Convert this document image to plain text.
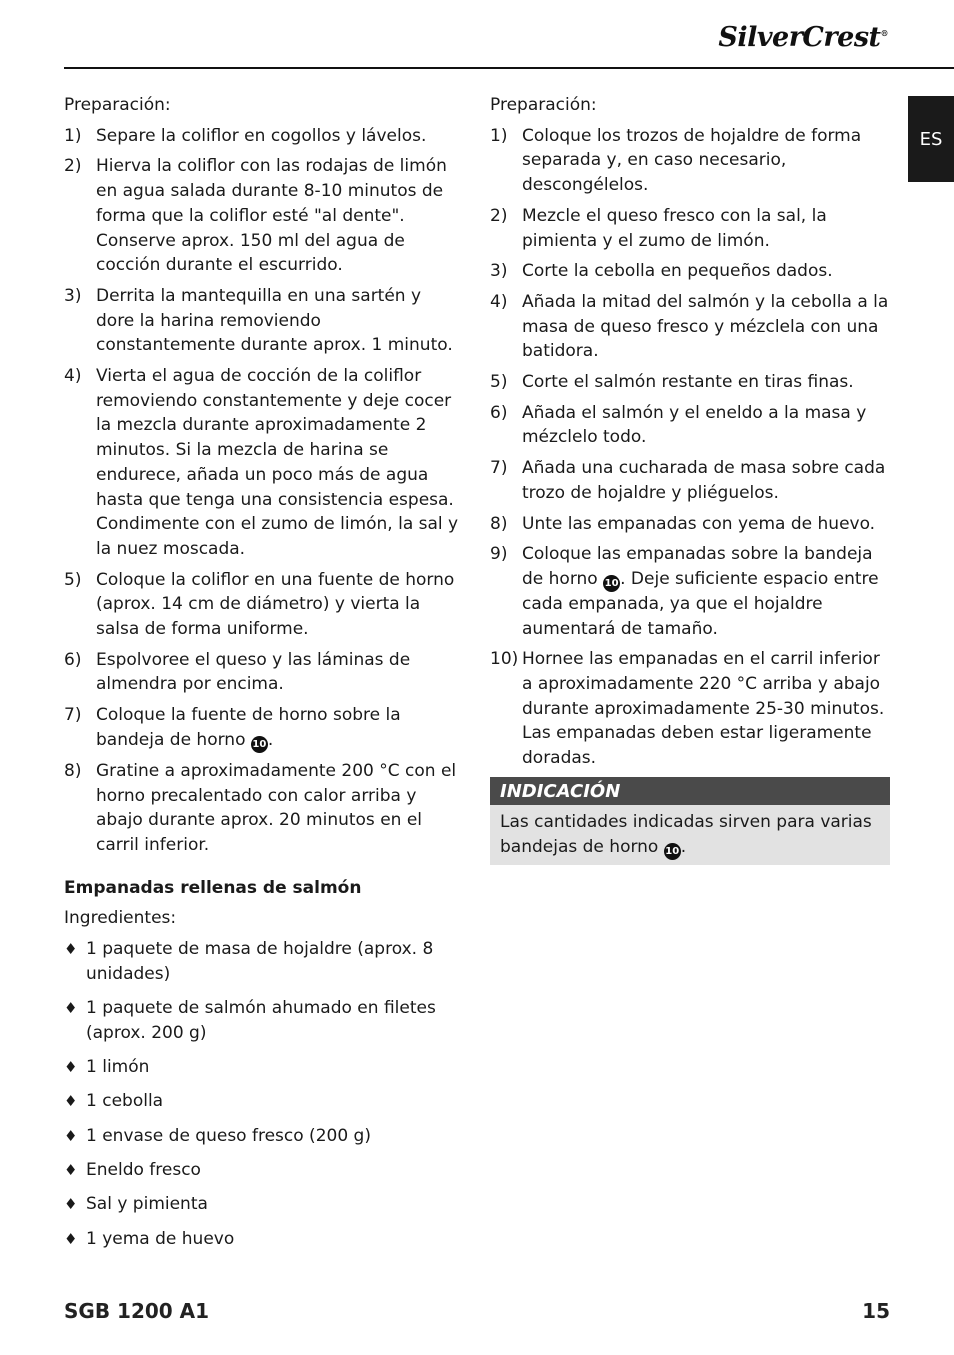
SilverCrest®
ES
Preparación:
1) Separe la coliflor en cogollos y lávelos.
2) Hierva la coliflor con las rodajas de limón en agua salada durante 8-10 minutos de forma que la coliflor esté "al dente". Conserve aprox. 150 ml del agua de cocción durante el escurrido.
3) Derrita la mantequilla en una sartén y dore la harina removiendo constantemente durante aprox. 1 minuto.
4) Vierta el agua de cocción de la coliflor removiendo constantemente y deje cocer la mezcla durante aproximadamente 2 minutos. Si la mezcla de harina se endurece, añada un poco más de agua hasta que tenga una consistencia espesa. Condimente con el zumo de limón, la sal y la nuez moscada.
5) Coloque la coliflor en una fuente de horno (aprox. 14 cm de diámetro) y vierta la salsa de forma uniforme.
6) Espolvoree el queso y las láminas de almendra por encima.
7) Coloque la fuente de horno sobre la bandeja de horno 10.
8) Gratine a aproximadamente 200 °C con el horno precalentado con calor arriba y abajo durante aprox. 20 minutos en el carril inferior.
Empanadas rellenas de salmón
Ingredientes:
♦ 1 paquete de masa de hojaldre (aprox. 8 unidades)
♦ 1 paquete de salmón ahumado en filetes (aprox. 200 g)
♦ 1 limón
♦ 1 cebolla
♦ 1 envase de queso fresco (200 g)
♦ Eneldo fresco
♦ Sal y pimienta
♦ 1 yema de huevo
Preparación:
1) Coloque los trozos de hojaldre de forma separada y, en caso necesario, descongélelos.
2) Mezcle el queso fresco con la sal, la pimienta y el zumo de limón.
3) Corte la cebolla en pequeños dados.
4) Añada la mitad del salmón y la cebolla a la masa de queso fresco y mézclela con una batidora.
5) Corte el salmón restante en tiras finas.
6) Añada el salmón y el eneldo a la masa y mézclelo todo.
7) Añada una cucharada de masa sobre cada trozo de hojaldre y pliéguelos.
8) Unte las empanadas con yema de huevo.
9) Coloque las empanadas sobre la bandeja de horno 10. Deje suficiente espacio entre cada empanada, ya que el hojaldre aumentará de tamaño.
10) Hornee las empanadas en el carril inferior a aproximadamente 220 °C arriba y abajo durante aproximadamente 25-30 minutos. Las empanadas deben estar ligeramente doradas.
INDICACIÓN
Las cantidades indicadas sirven para varias bandejas de horno 10.
SGB 1200 A1	15
